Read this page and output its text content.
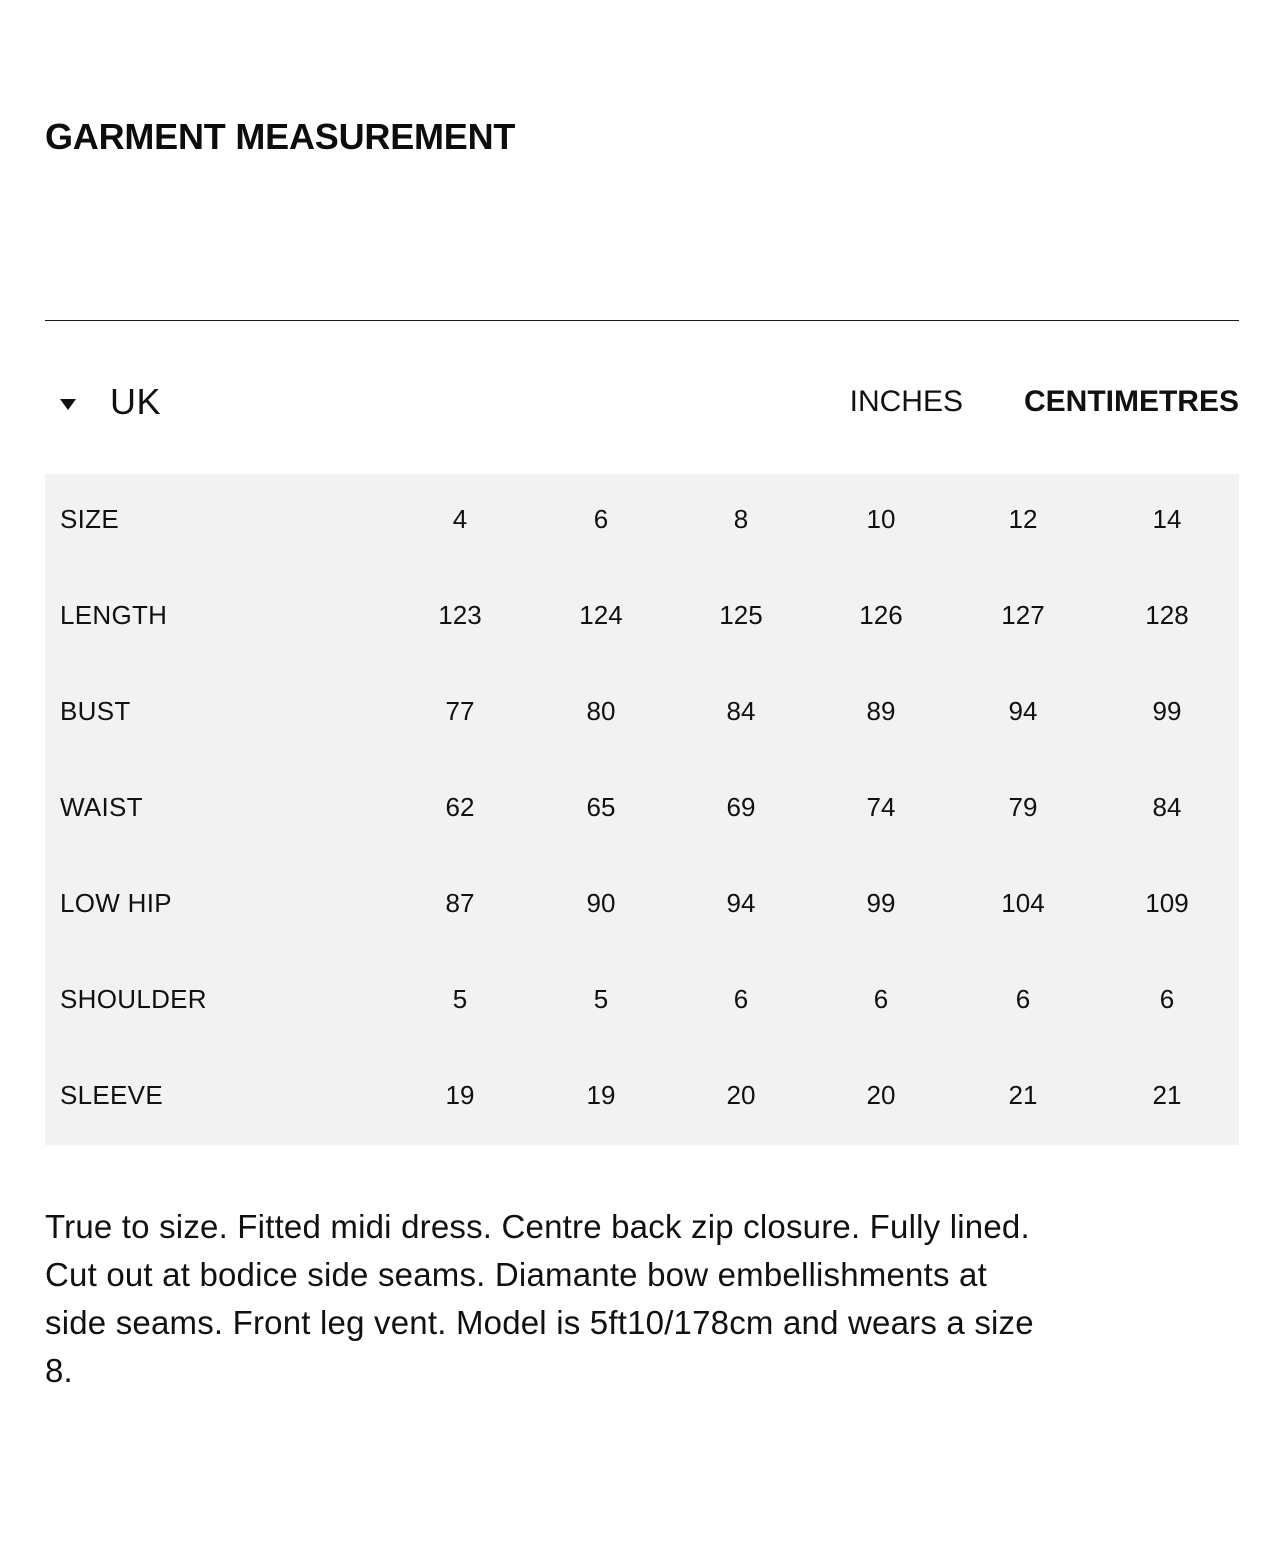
GARMENT MEASUREMENT
UK	INCHES CENTIMETRES
SIZE	4	6	8	10	12	14
LENGTH	123	124	125	126	127	128
BUST	77	80	84	89	94	99
WAIST	62	65	69	74	79	84
LOW HIP	87	90	94	99	104	109
SHOULDER	5	5	6	6	6	6
SLEEVE	19	19	20	20	21	21

True to size. Fitted midi dress. Centre back zip closure. Fully lined. Cut out at bodice side seams. Diamante bow embellishments at side seams. Front leg vent. Model is 5ft10/178cm and wears a size 8.
